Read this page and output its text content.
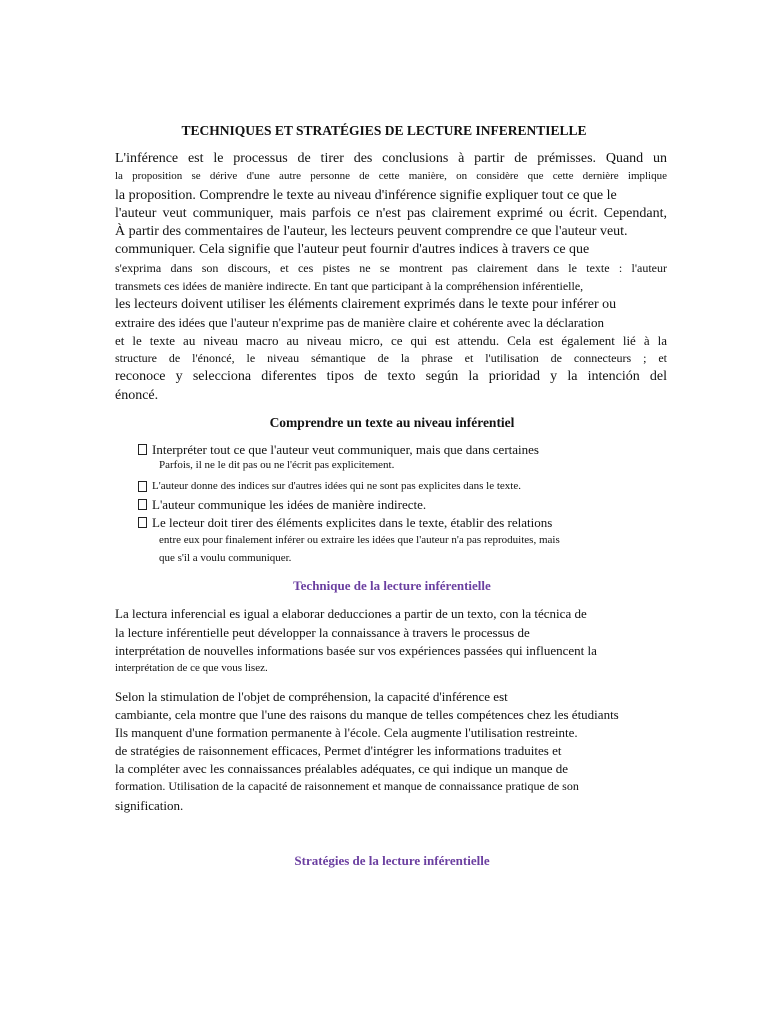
TECHNIQUES ET STRATÉGIES DE LECTURE INFERENTIELLE
L'inférence est le processus de tirer des conclusions à partir de prémisses. Quand un
la proposition se dérive d'une autre personne de cette manière, on considère que cette dernière implique
la proposition. Comprendre le texte au niveau d'inférence signifie expliquer tout ce que le
l'auteur veut communiquer, mais parfois ce n'est pas clairement exprimé ou écrit. Cependant,
À partir des commentaires de l'auteur, les lecteurs peuvent comprendre ce que l'auteur veut.
communiquer. Cela signifie que l'auteur peut fournir d'autres indices à travers ce que
s'exprima dans son discours, et ces pistes ne se montrent pas clairement dans le texte : l'auteur
transmets ces idées de manière indirecte. En tant que participant à la compréhension inférentielle,
les lecteurs doivent utiliser les éléments clairement exprimés dans le texte pour inférer ou
extraire des idées que l'auteur n'exprime pas de manière claire et cohérente avec la déclaration
et le texte au niveau macro au niveau micro, ce qui est attendu. Cela est également lié à la
structure de l'énoncé, le niveau sémantique de la phrase et l'utilisation de connecteurs ; et
reconoce y selecciona diferentes tipos de texto según la prioridad y la intención del
énoncé.
Comprendre un texte au niveau inférentiel
Interpréter tout ce que l'auteur veut communiquer, mais que dans certaines
Parfois, il ne le dit pas ou ne l'écrit pas explicitement.
L'auteur donne des indices sur d'autres idées qui ne sont pas explicites dans le texte.
L'auteur communique les idées de manière indirecte.
Le lecteur doit tirer des éléments explicites dans le texte, établir des relations
entre eux pour finalement inférer ou extraire les idées que l'auteur n'a pas reproduites, mais
que s'il a voulu communiquer.
Technique de la lecture inférentielle
La lectura inferencial es igual a elaborar deducciones a partir de un texto, con la técnica de
la lecture inférentielle peut développer la connaissance à travers le processus de
interprétation de nouvelles informations basée sur vos expériences passées qui influencent la
interprétation de ce que vous lisez.
Selon la stimulation de l'objet de compréhension, la capacité d'inférence est
cambiante, cela montre que l'une des raisons du manque de telles compétences chez les étudiants
Ils manquent d'une formation permanente à l'école. Cela augmente l'utilisation restreinte.
de stratégies de raisonnement efficaces, Permet d'intégrer les informations traduites et
la compléter avec les connaissances préalables adéquates, ce qui indique un manque de
formation. Utilisation de la capacité de raisonnement et manque de connaissance pratique de son
signification.
Stratégies de la lecture inférentielle
